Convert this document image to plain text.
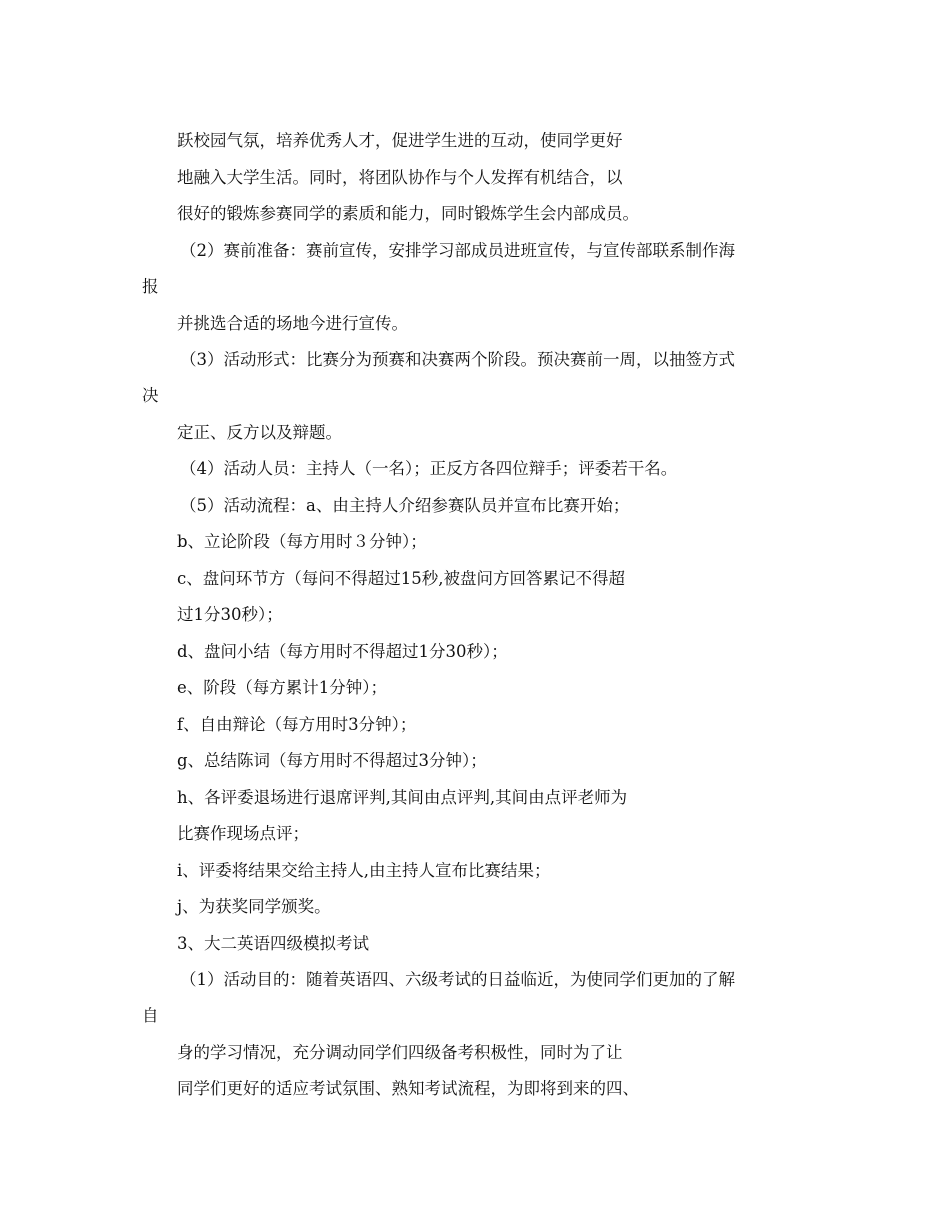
跃校园气氛，培养优秀人才，促进学生进的互动，使同学更好
地融入大学生活。同时，将团队协作与个人发挥有机结合，以
很好的锻炼参赛同学的素质和能力，同时锻炼学生会内部成员。
（2）赛前准备：赛前宣传，安排学习部成员进班宣传，与宣传部联系制作海
报
并挑选合适的场地今进行宣传。
（3）活动形式：比赛分为预赛和决赛两个阶段。预决赛前一周，以抽签方式
决
定正、反方以及辩题。
（4）活动人员：主持人（一名）；正反方各四位辩手；评委若干名。
（5）活动流程：a、由主持人介绍参赛队员并宣布比赛开始；
b、立论阶段（每方用时３分钟）；
c、盘问环节方（每问不得超过15秒,被盘问方回答累记不得超
过1分30秒）；
d、盘问小结（每方用时不得超过1分30秒）；
e、阶段（每方累计1分钟）；
f、自由辩论（每方用时3分钟）；
g、总结陈词（每方用时不得超过3分钟）；
h、各评委退场进行退席评判,其间由点评判,其间由点评老师为
比赛作现场点评；
i、评委将结果交给主持人,由主持人宣布比赛结果；
j、为获奖同学颁奖。
3、大二英语四级模拟考试
（1）活动目的：随着英语四、六级考试的日益临近，为使同学们更加的了解
自
身的学习情况，充分调动同学们四级备考积极性，同时为了让
同学们更好的适应考试氛围、熟知考试流程，为即将到来的四、
